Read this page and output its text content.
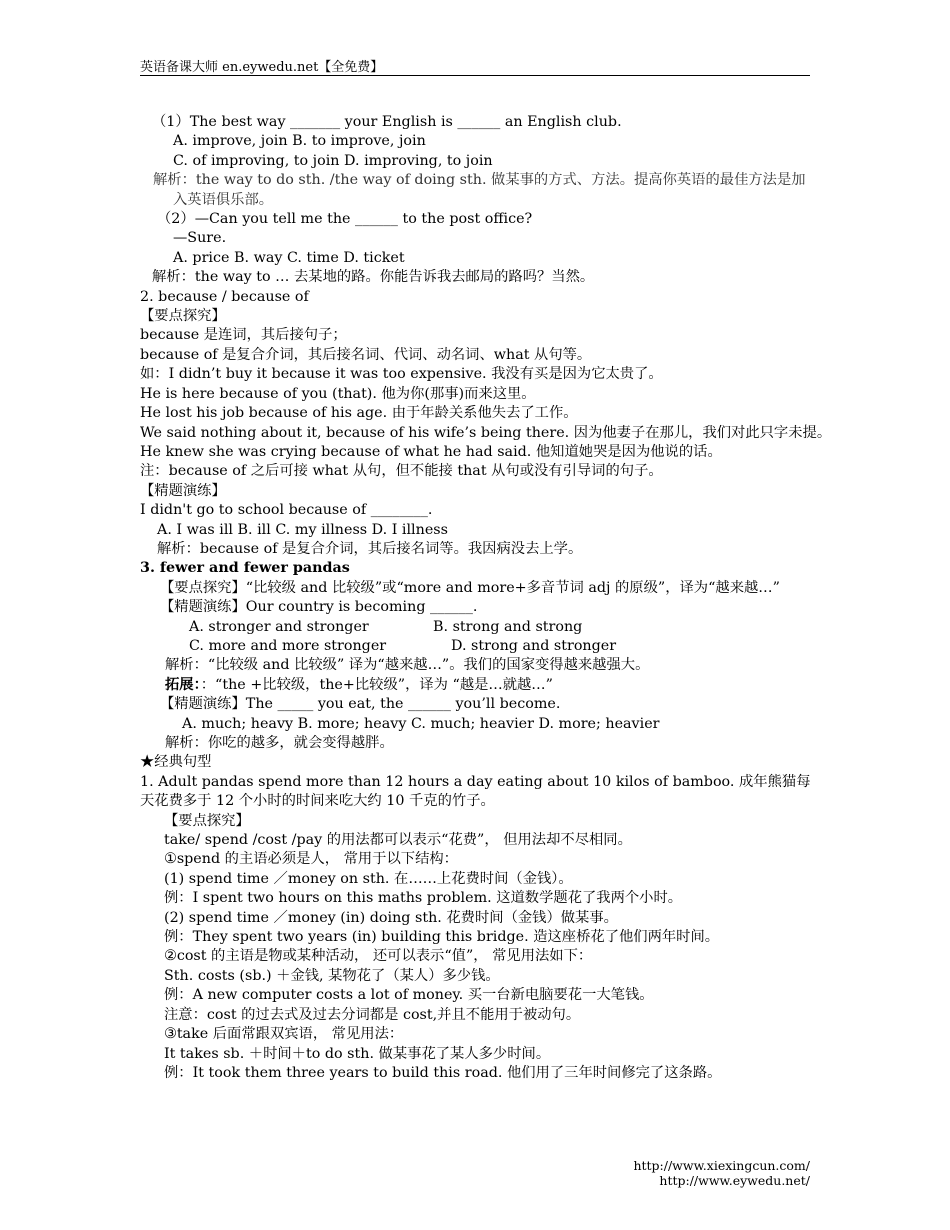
英语备课大师 en.eywedu.net【全免费】
（1）The best way _______ your English is ______ an English club.
A. improve, join B. to improve, join
C. of improving, to join D. improving, to join
解析：the way to do sth. /the way of doing sth. 做某事的方式、方法。提高你英语的最佳方法是加入英语俱乐部。
（2）—Can you tell me the ______ to the post office?
—Sure.
A. price B. way C. time D. ticket
解析：the way to … 去某地的路。你能告诉我去邮局的路吗？当然。
2. because / because of
【要点探究】
because 是连词，其后接句子；
because of 是复合介词，其后接名词、代词、动名词、what 从句等。
如：I didn’t buy it because it was too expensive. 我没有买是因为它太贵了。
He is here because of you (that). 他为你(那事)而来这里。
He lost his job because of his age. 由于年龄关系他失去了工作。
We said nothing about it, because of his wife’s being there. 因为他妻子在那儿，我们对此只字未提。
He knew she was crying because of what he had said. 他知道她哭是因为他说的话。
注：because of 之后可接 what 从句，但不能接 that 从句或没有引导词的句子。
【精题演练】
I didn't go to school because of ________.
A. I was ill B. ill C. my illness D. I illness
解析：because of 是复合介词，其后接名词等。我因病没去上学。
3. fewer and fewer pandas
【要点探究】“比较级 and 比较级”或“more and more+多音节词 adj 的原级”，译为“越来越…”
【精题演练】Our country is becoming ______.
A. stronger and stronger	B. strong and strong
C. more and more stronger	D. strong and stronger
解析：“比较级 and 比较级” 译为“越来越…”。我们的国家变得越来越强大。
拓展：：“the +比较级，the+比较级”，译为 “越是…就越…”
【精题演练】The _____ you eat, the ______ you’ll become.
A. much; heavy B. more; heavy C. much; heavier D. more; heavier
解析：你吃的越多，就会变得越胖。
★经典句型
1. Adult pandas spend more than 12 hours a day eating about 10 kilos of bamboo. 成年熊猫每天花费多于 12 个小时的时间来吃大约 10 千克的竹子。
【要点探究】
take/ spend /cost /pay 的用法都可以表示“花费”， 但用法却不尽相同。
①spend 的主语必须是人， 常用于以下结构：
(1) spend time ／money on sth. 在……上花费时间（金钱）。
例：I spent two hours on this maths problem. 这道数学题花了我两个小时。
(2) spend time ／money (in) doing sth. 花费时间（金钱）做某事。
例：They spent two years (in) building this bridge. 造这座桥花了他们两年时间。
②cost 的主语是物或某种活动， 还可以表示“值”， 常见用法如下：
Sth. costs (sb.) ＋金钱, 某物花了（某人）多少钱。
例：A new computer costs a lot of money. 买一台新电脑要花一大笔钱。
注意：cost 的过去式及过去分词都是 cost,并且不能用于被动句。
③take 后面常跟双宾语， 常见用法：
It takes sb. ＋时间＋to do sth. 做某事花了某人多少时间。
例：It took them three years to build this road. 他们用了三年时间修完了这条路。
http://www.xiexingcun.com/ http://www.eywedu.net/
